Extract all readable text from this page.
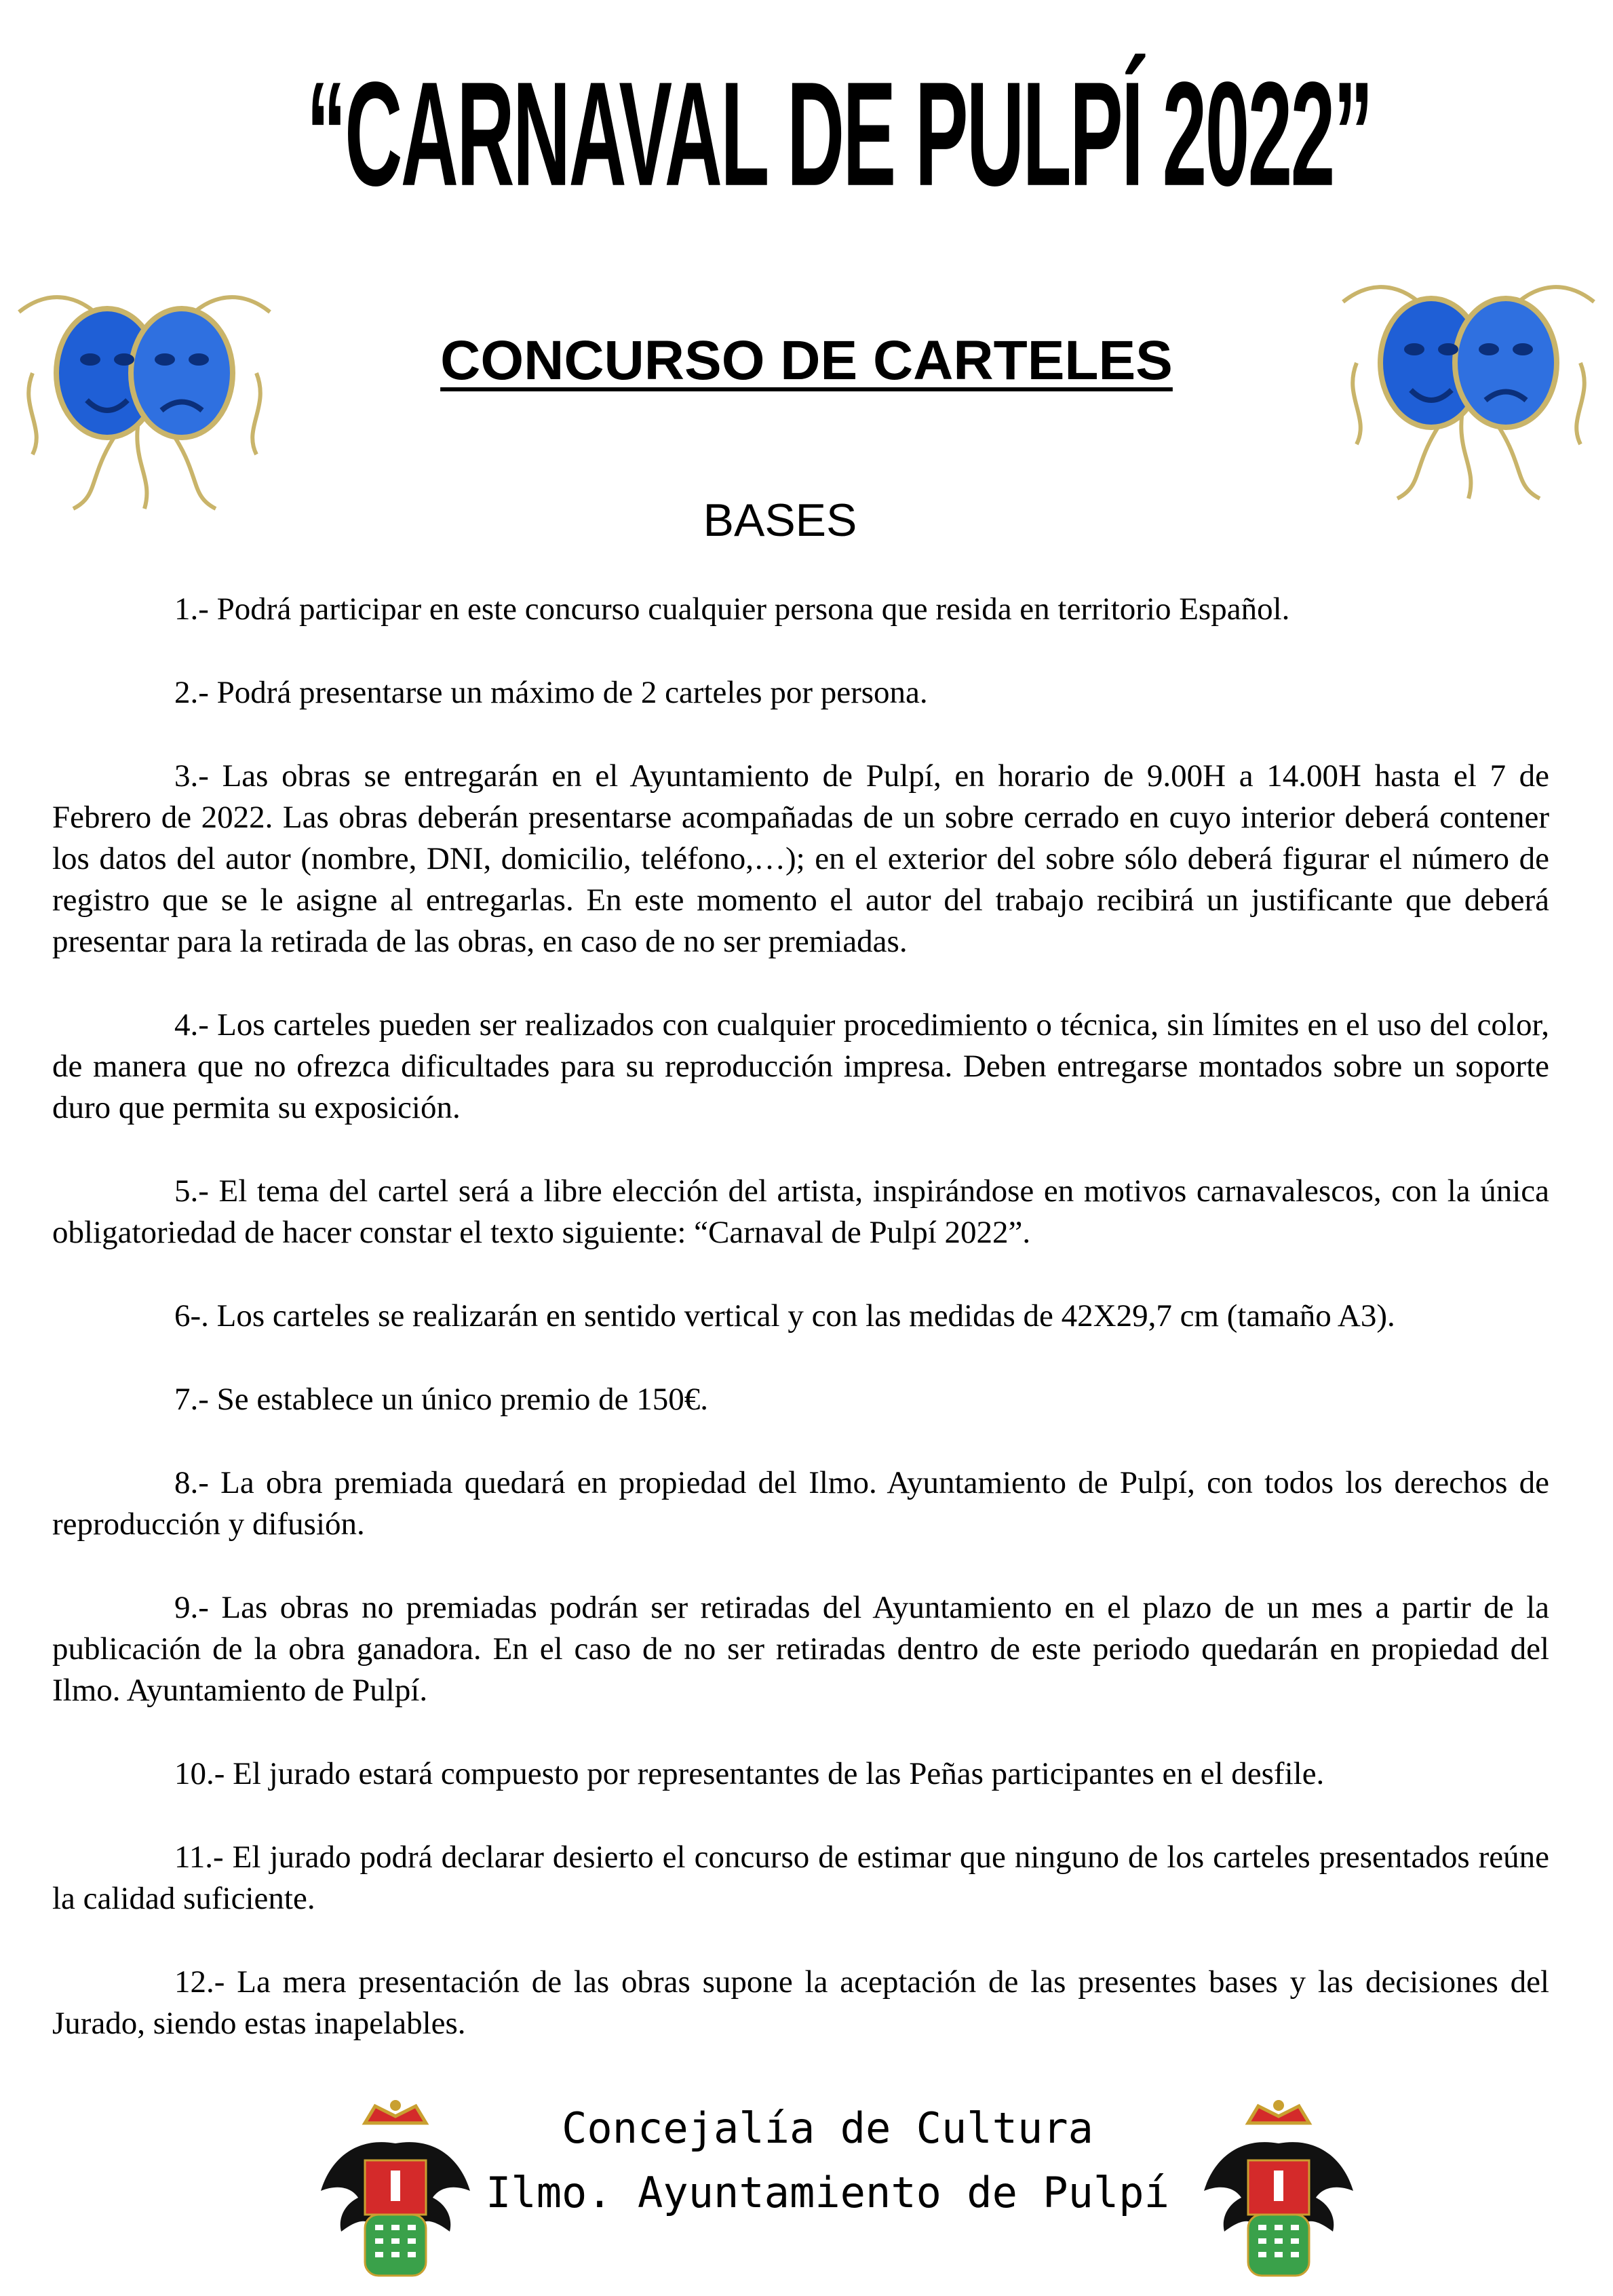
“CARNAVAL DE PULPÍ 2022”
CONCURSO DE CARTELES
BASES

1.- Podrá participar en este concurso cualquier persona que resida en territorio Español.

2.- Podrá presentarse un máximo de 2 carteles por persona.

3.- Las obras se entregarán en el Ayuntamiento de Pulpí, en horario de 9.00H a 14.00H hasta el 7 de Febrero de 2022. Las obras deberán presentarse acompañadas de un sobre cerrado en cuyo interior deberá contener los datos del autor (nombre, DNI, domicilio, teléfono,…); en el exterior del sobre sólo deberá figurar el número de registro que se le asigne al entregarlas. En este momento el autor del trabajo recibirá un justificante que deberá presentar para la retirada de las obras, en caso de no ser premiadas.

4.- Los carteles pueden ser realizados con cualquier procedimiento o técnica, sin límites en el uso del color, de manera que no ofrezca dificultades para su reproducción impresa. Deben entregarse montados sobre un soporte duro que permita su exposición.

5.- El tema del cartel será a libre elección del artista, inspirándose en motivos carnavalescos, con la única obligatoriedad de hacer constar el texto siguiente: “Carnaval de Pulpí 2022”.

6-. Los carteles se realizarán en sentido vertical y con las medidas de 42X29,7 cm (tamaño A3).

7.- Se establece un único premio de 150€.

8.- La obra premiada quedará en propiedad del Ilmo. Ayuntamiento de Pulpí, con todos los derechos de reproducción y difusión.

9.- Las obras no premiadas podrán ser retiradas del Ayuntamiento en el plazo de un mes a partir de la publicación de la obra ganadora. En el caso de no ser retiradas dentro de este periodo quedarán en propiedad del Ilmo. Ayuntamiento de Pulpí.

10.- El jurado estará compuesto por representantes de las Peñas participantes en el desfile.

11.- El jurado podrá declarar desierto el concurso de estimar que ninguno de los carteles presentados reúne la calidad suficiente.

12.- La mera presentación de las obras supone la aceptación de las presentes bases y las decisiones del Jurado, siendo estas inapelables.

Concejalía de Cultura
Ilmo. Ayuntamiento de Pulpí
